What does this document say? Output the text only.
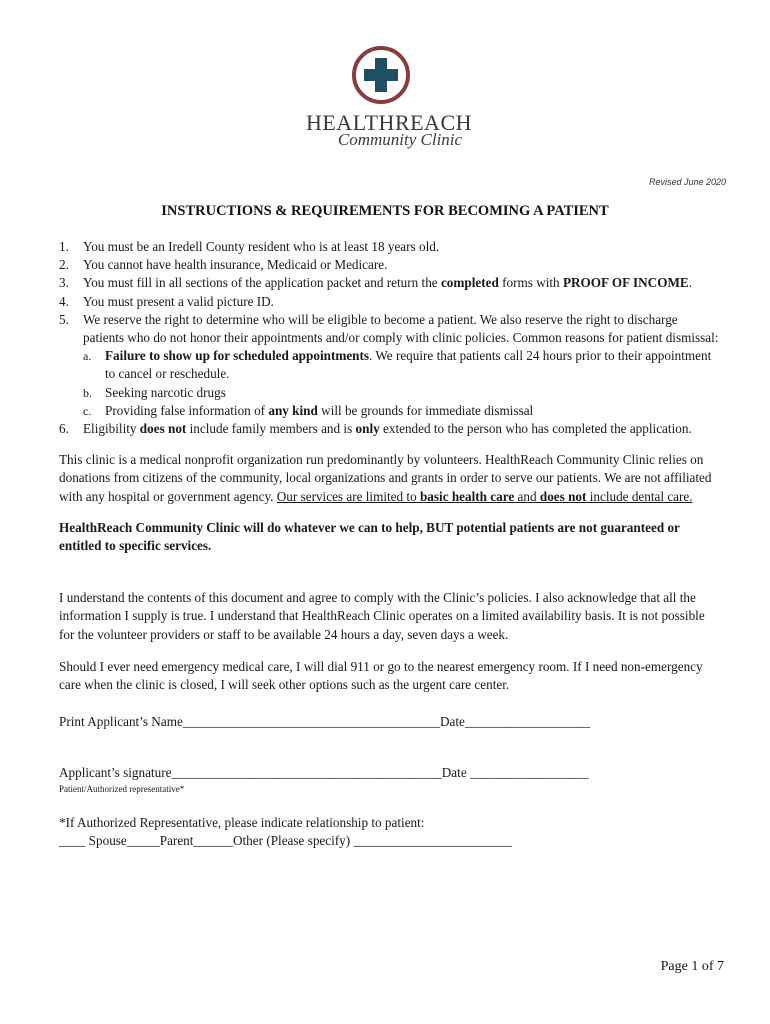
HEALTHREACH
Community Clinic
Revised June 2020
INSTRUCTIONS & REQUIREMENTS FOR BECOMING A PATIENT
1. You must be an Iredell County resident who is at least 18 years old.
2. You cannot have health insurance, Medicaid or Medicare.
3. You must fill in all sections of the application packet and return the completed forms with PROOF OF INCOME.
4. You must present a valid picture ID.
5. We reserve the right to determine who will be eligible to become a patient. We also reserve the right to discharge patients who do not honor their appointments and/or comply with clinic policies. Common reasons for patient dismissal:
a. Failure to show up for scheduled appointments. We require that patients call 24 hours prior to their appointment to cancel or reschedule.
b. Seeking narcotic drugs
c. Providing false information of any kind will be grounds for immediate dismissal
6. Eligibility does not include family members and is only extended to the person who has completed the application.

This clinic is a medical nonprofit organization run predominantly by volunteers. HealthReach Community Clinic relies on donations from citizens of the community, local organizations and grants in order to serve our patients. We are not affiliated with any hospital or government agency. Our services are limited to basic health care and does not include dental care.

HealthReach Community Clinic will do whatever we can to help, BUT potential patients are not guaranteed or entitled to specific services.

I understand the contents of this document and agree to comply with the Clinic’s policies. I also acknowledge that all the information I supply is true. I understand that HealthReach Clinic operates on a limited availability basis. It is not possible for the volunteer providers or staff to be available 24 hours a day, seven days a week.

Should I ever need emergency medical care, I will dial 911 or go to the nearest emergency room. If I need non-emergency care when the clinic is closed, I will seek other options such as the urgent care center.

Print Applicant’s Name_______________________________________Date___________________

Applicant’s signature_________________________________________Date __________________

Patient/Authorized representative*

*If Authorized Representative, please indicate relationship to patient:

____ Spouse_____Parent______Other (Please specify) ________________________

Page 1 of 7
